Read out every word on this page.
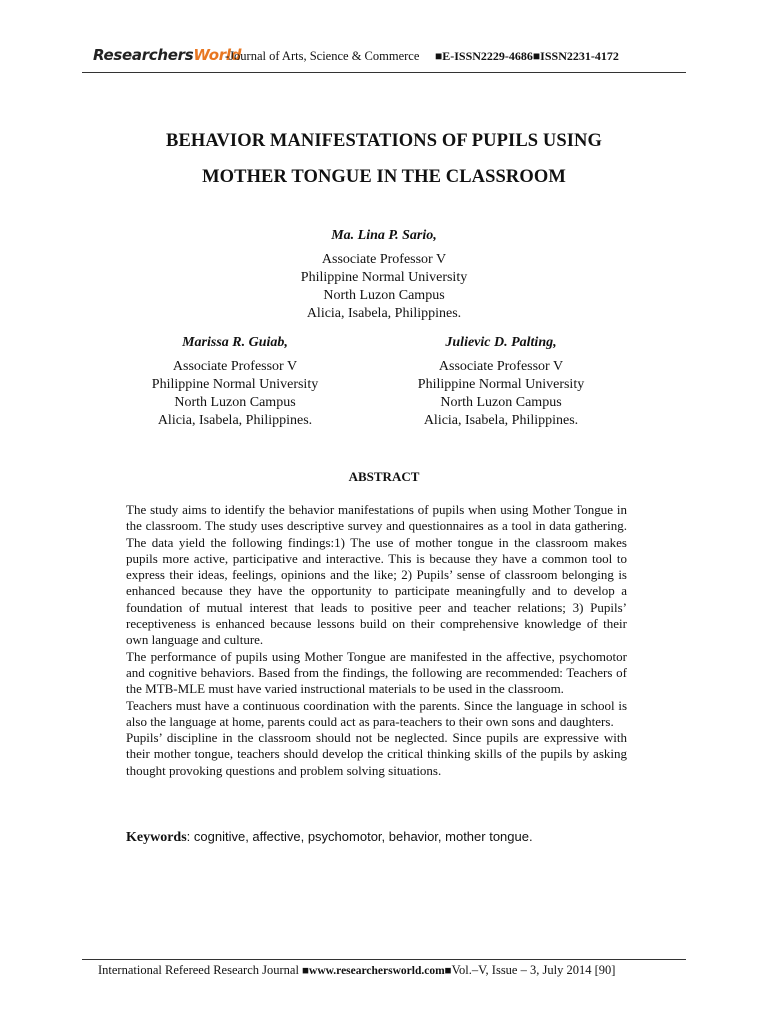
ResearchersWorld
-Journal of Arts, Science & Commerce ■E-ISSN2229-4686■ISSN2231-4172
BEHAVIOR MANIFESTATIONS OF PUPILS USING
MOTHER TONGUE IN THE CLASSROOM
Ma. Lina P. Sario,
Associate Professor V
Philippine Normal University
North Luzon Campus
Alicia, Isabela, Philippines.
Marissa R. Guiab,
Associate Professor V
Philippine Normal University
North Luzon Campus
Alicia, Isabela, Philippines.
Julievic D. Palting,
Associate Professor V
Philippine Normal University
North Luzon Campus
Alicia, Isabela, Philippines.
ABSTRACT

The study aims to identify the behavior manifestations of pupils when using Mother Tongue in the classroom. The study uses descriptive survey and questionnaires as a tool in data gathering. The data yield the following findings:1) The use of mother tongue in the classroom makes pupils more active, participative and interactive. This is because they have a common tool to express their ideas, feelings, opinions and the like; 2) Pupils’ sense of classroom belonging is enhanced because they have the opportunity to participate meaningfully and to develop a foundation of mutual interest that leads to positive peer and teacher relations; 3) Pupils’ receptiveness is enhanced because lessons build on their comprehensive knowledge of their own language and culture.

The performance of pupils using Mother Tongue are manifested in the affective, psychomotor and cognitive behaviors. Based from the findings, the following are recommended: Teachers of the MTB-MLE must have varied instructional materials to be used in the classroom.

Teachers must have a continuous coordination with the parents. Since the language in school is also the language at home, parents could act as para-teachers to their own sons and daughters.

Pupils’ discipline in the classroom should not be neglected. Since pupils are expressive with their mother tongue, teachers should develop the critical thinking skills of the pupils by asking thought provoking questions and problem solving situations.

Keywords: cognitive, affective, psychomotor, behavior, mother tongue.
International Refereed Research Journal ■www.researchersworld.com■Vol.–V, Issue – 3, July 2014 [90]
